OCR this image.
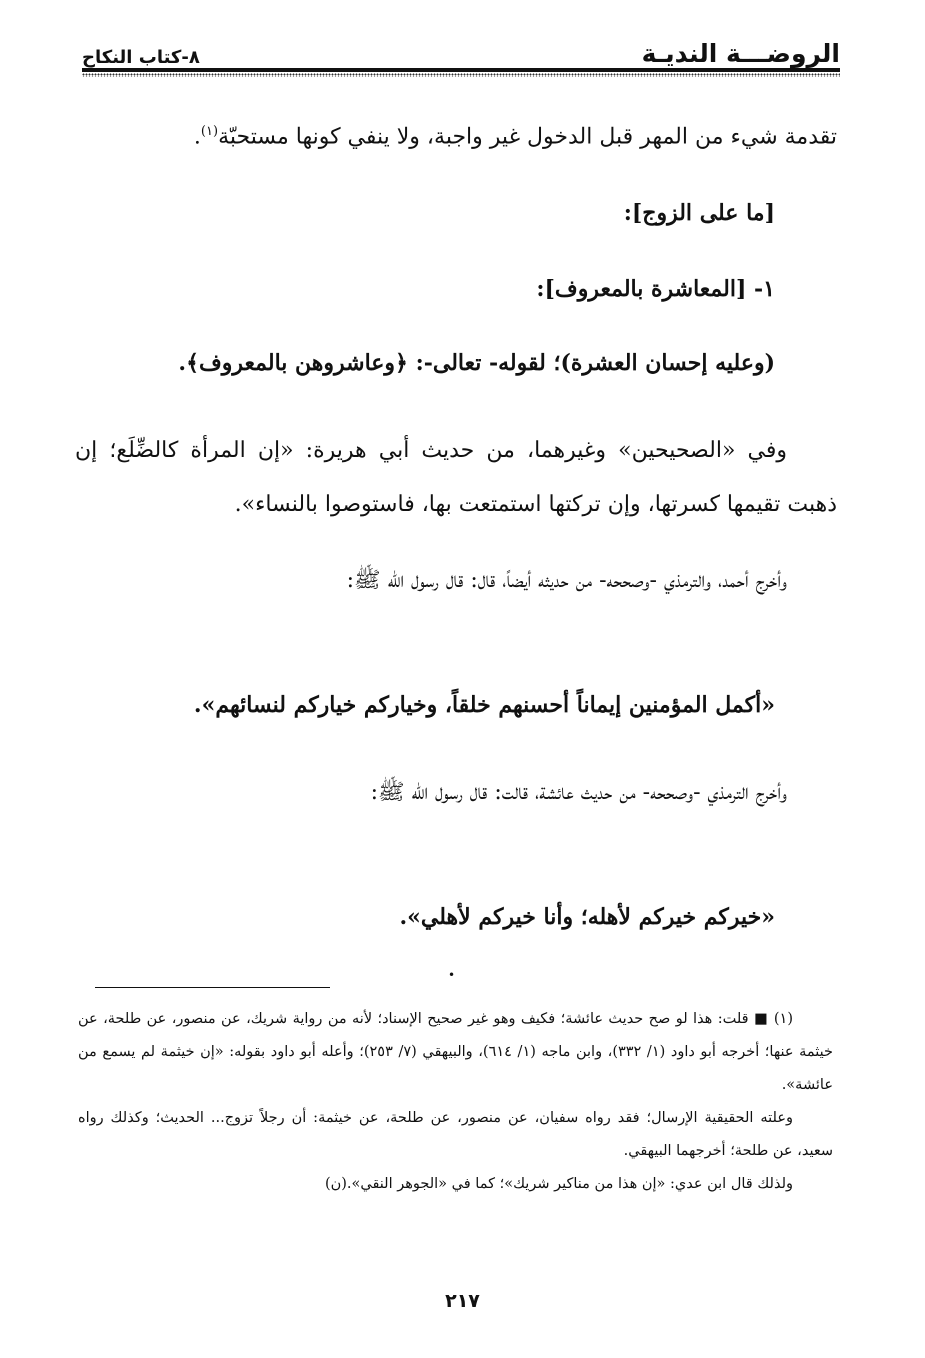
الروضـــة النديـة
٨-كتاب النكاح
تقدمة شيء من المهر قبل الدخول غير واجبة، ولا ينفي كونها مستحبّة$^{(١)}$.
[ما على الزوج]:
١- [المعاشرة بالمعروف]:
(وعليه إحسان العشرة)؛ لقوله- تعالى-: ﴿وعاشروهن بالمعروف﴾.
وفي «الصحيحين» وغيرهما، من حديث أبي هريرة: «إن المرأة كالضِّلَع؛ إن ذهبت تقيمها كسرتها، وإن تركتها استمتعت بها، فاستوصوا بالنساء».
وأخرج أحمد، والترمذي -وصححه- من حديثه أيضاً، قال: قال رسول الله ﷺ:
«أكمل المؤمنين إيماناً أحسنهم خلقاً، وخياركم خياركم لنسائهم».
وأخرج الترمذي -وصححه- من حديث عائشة، قالت: قال رسول الله ﷺ:
«خيركم خيركم لأهله؛ وأنا خيركم لأهلي».
•

(١) ■ قلت: هذا لو صح حديث عائشة؛ فكيف وهو غير صحيح الإسناد؛ لأنه من رواية شريك، عن منصور، عن طلحة، عن خيثمة عنها؛ أخرجه أبو داود (١/ ٣٣٢)، وابن ماجه (١/ ٦١٤)، والبيهقي (٧/ ٢٥٣)؛ وأعله أبو داود بقوله: «إن خيثمة لم يسمع من عائشة».

وعلته الحقيقية الإرسال؛ فقد رواه سفيان، عن منصور، عن طلحة، عن خيثمة: أن رجلاً تزوج... الحديث؛ وكذلك رواه سعيد، عن طلحة؛ أخرجهما البيهقي.

ولذلك قال ابن عدي: «إن هذا من مناكير شريك»؛ كما في «الجوهر النقي».(ن)

٢١٧
